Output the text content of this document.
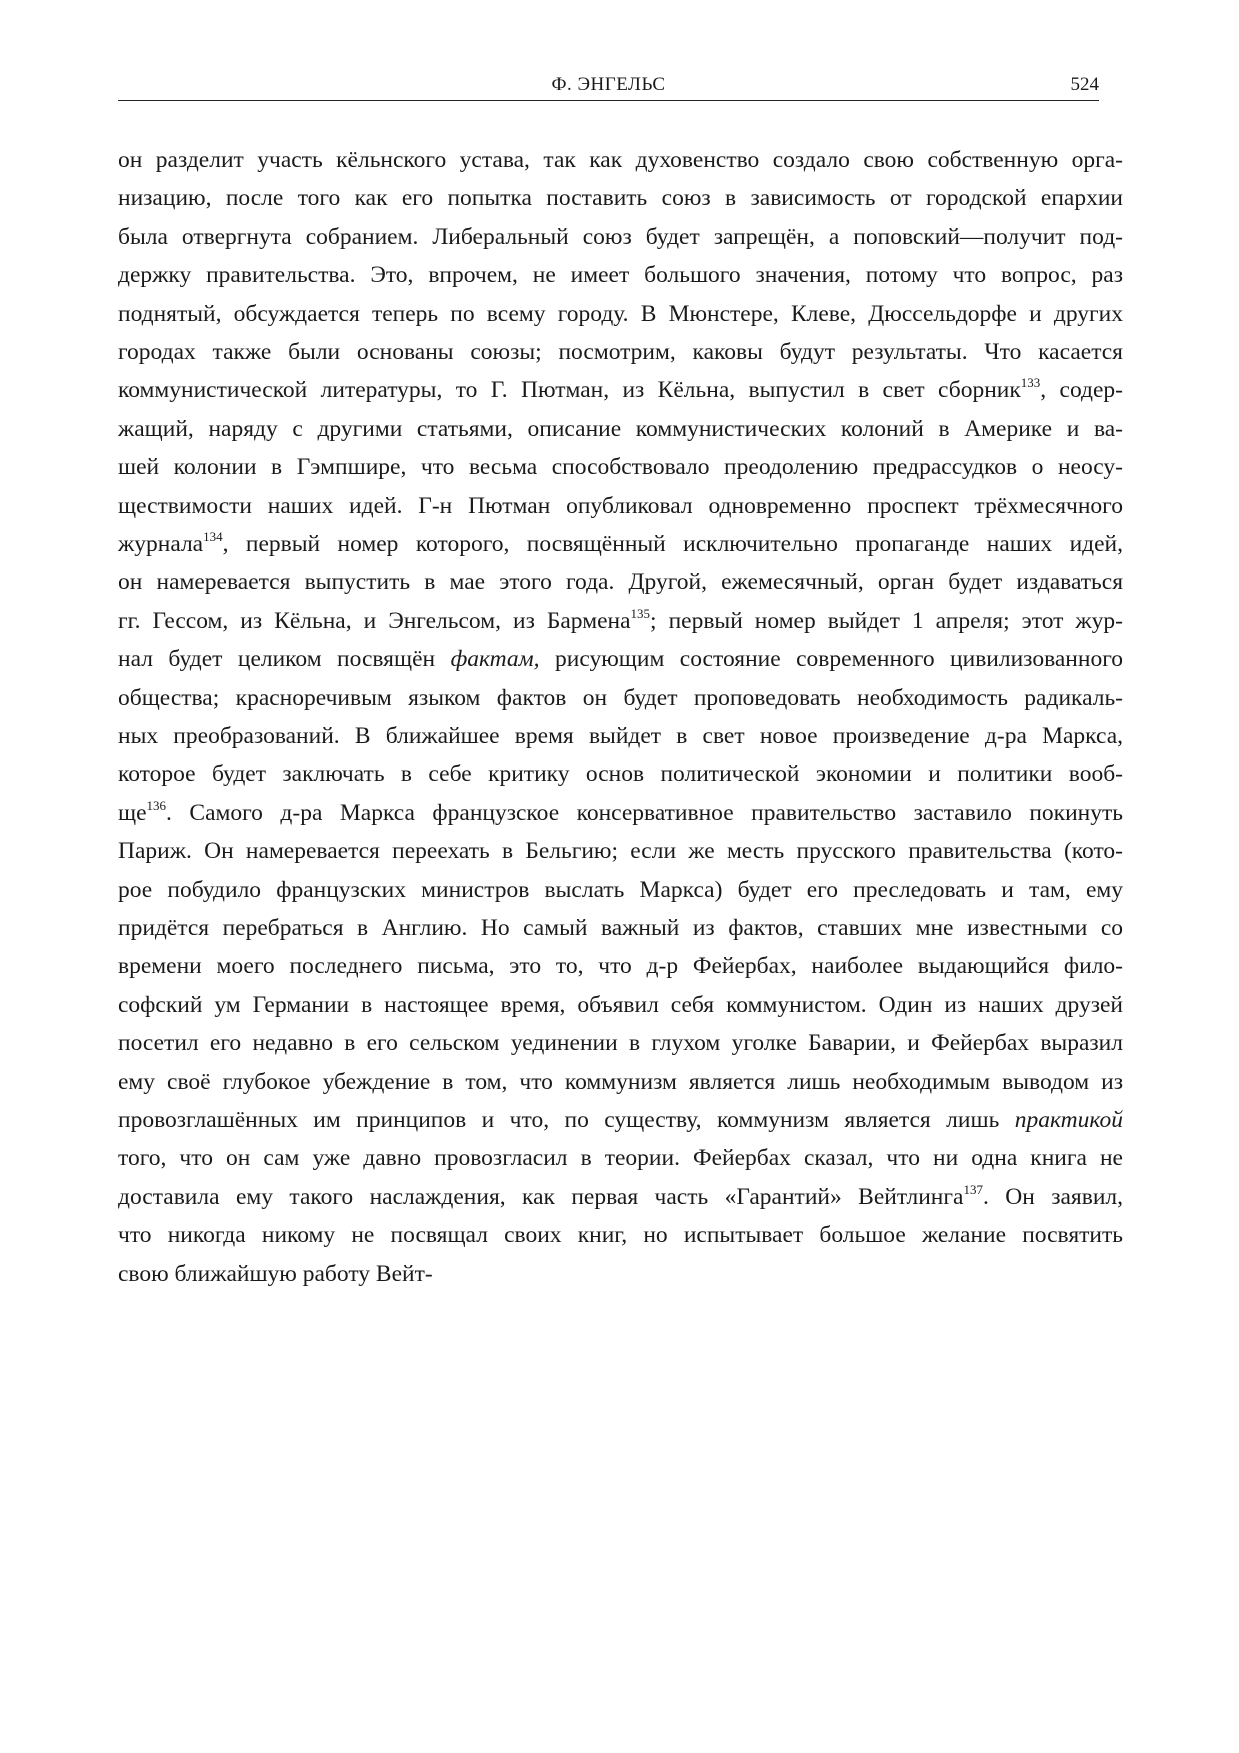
Ф. ЭНГЕЛЬС	524
он разделит участь кёльнского устава, так как духовенство создало свою собственную орга-
низацию, после того как его попытка поставить союз в зависимость от городской епархии
была отвергнута собранием. Либеральный союз будет запрещён, а поповский—получит под-
держку правительства. Это, впрочем, не имеет большого значения, потому что вопрос, раз
поднятый, обсуждается теперь по всему городу. В Мюнстере, Клеве, Дюссельдорфе и других
городах также были основаны союзы; посмотрим, каковы будут результаты. Что касается
коммунистической литературы, то Г. Пютман, из Кёльна, выпустил в свет сборник$^{133}$, содер-
жащий, наряду с другими статьями, описание коммунистических колоний в Америке и ва-
шей колонии в Гэмпшире, что весьма способствовало преодолению предрассудков о неосу-
ществимости наших идей. Г-н Пютман опубликовал одновременно проспект трёхмесячного
журнала$^{134}$, первый номер которого, посвящённый исключительно пропаганде наших идей,
он намеревается выпустить в мае этого года. Другой, ежемесячный, орган будет издаваться
гг. Гессом, из Кёльна, и Энгельсом, из Бармена$^{135}$; первый номер выйдет 1 апреля; этот жур-
нал будет целиком посвящён фактам, рисующим состояние современного цивилизованного
общества; красноречивым языком фактов он будет проповедовать необходимость радикаль-
ных преобразований. В ближайшее время выйдет в свет новое произведение д-ра Маркса,
которое будет заключать в себе критику основ политической экономии и политики вооб-
$ще^{136}$. Самого д-ра Маркса французское консервативное правительство заставило покинуть
Париж. Он намеревается переехать в Бельгию; если же месть прусского правительства (кото-
рое побудило французских министров выслать Маркса) будет его преследовать и там, ему
придётся перебраться в Англию. Но самый важный из фактов, ставших мне известными со
времени моего последнего письма, это то, что д-р Фейербах, наиболее выдающийся фило-
софский ум Германии в настоящее время, объявил себя коммунистом. Один из наших друзей
посетил его недавно в его сельском уединении в глухом уголке Баварии, и Фейербах выразил
ему своё глубокое убеждение в том, что коммунизм является лишь необходимым выводом из
провозглашённых им принципов и что, по существу, коммунизм является лишь практикой
того, что он сам уже давно провозгласил в теории. Фейербах сказал, что ни одна книга не
доставила ему такого наслаждения, как первая часть «Гарантий» Вейтлинга$^{137}$. Он заявил,
что никогда никому не посвящал своих книг, но испытывает большое желание посвятить
свою ближайшую работу Вейт-
